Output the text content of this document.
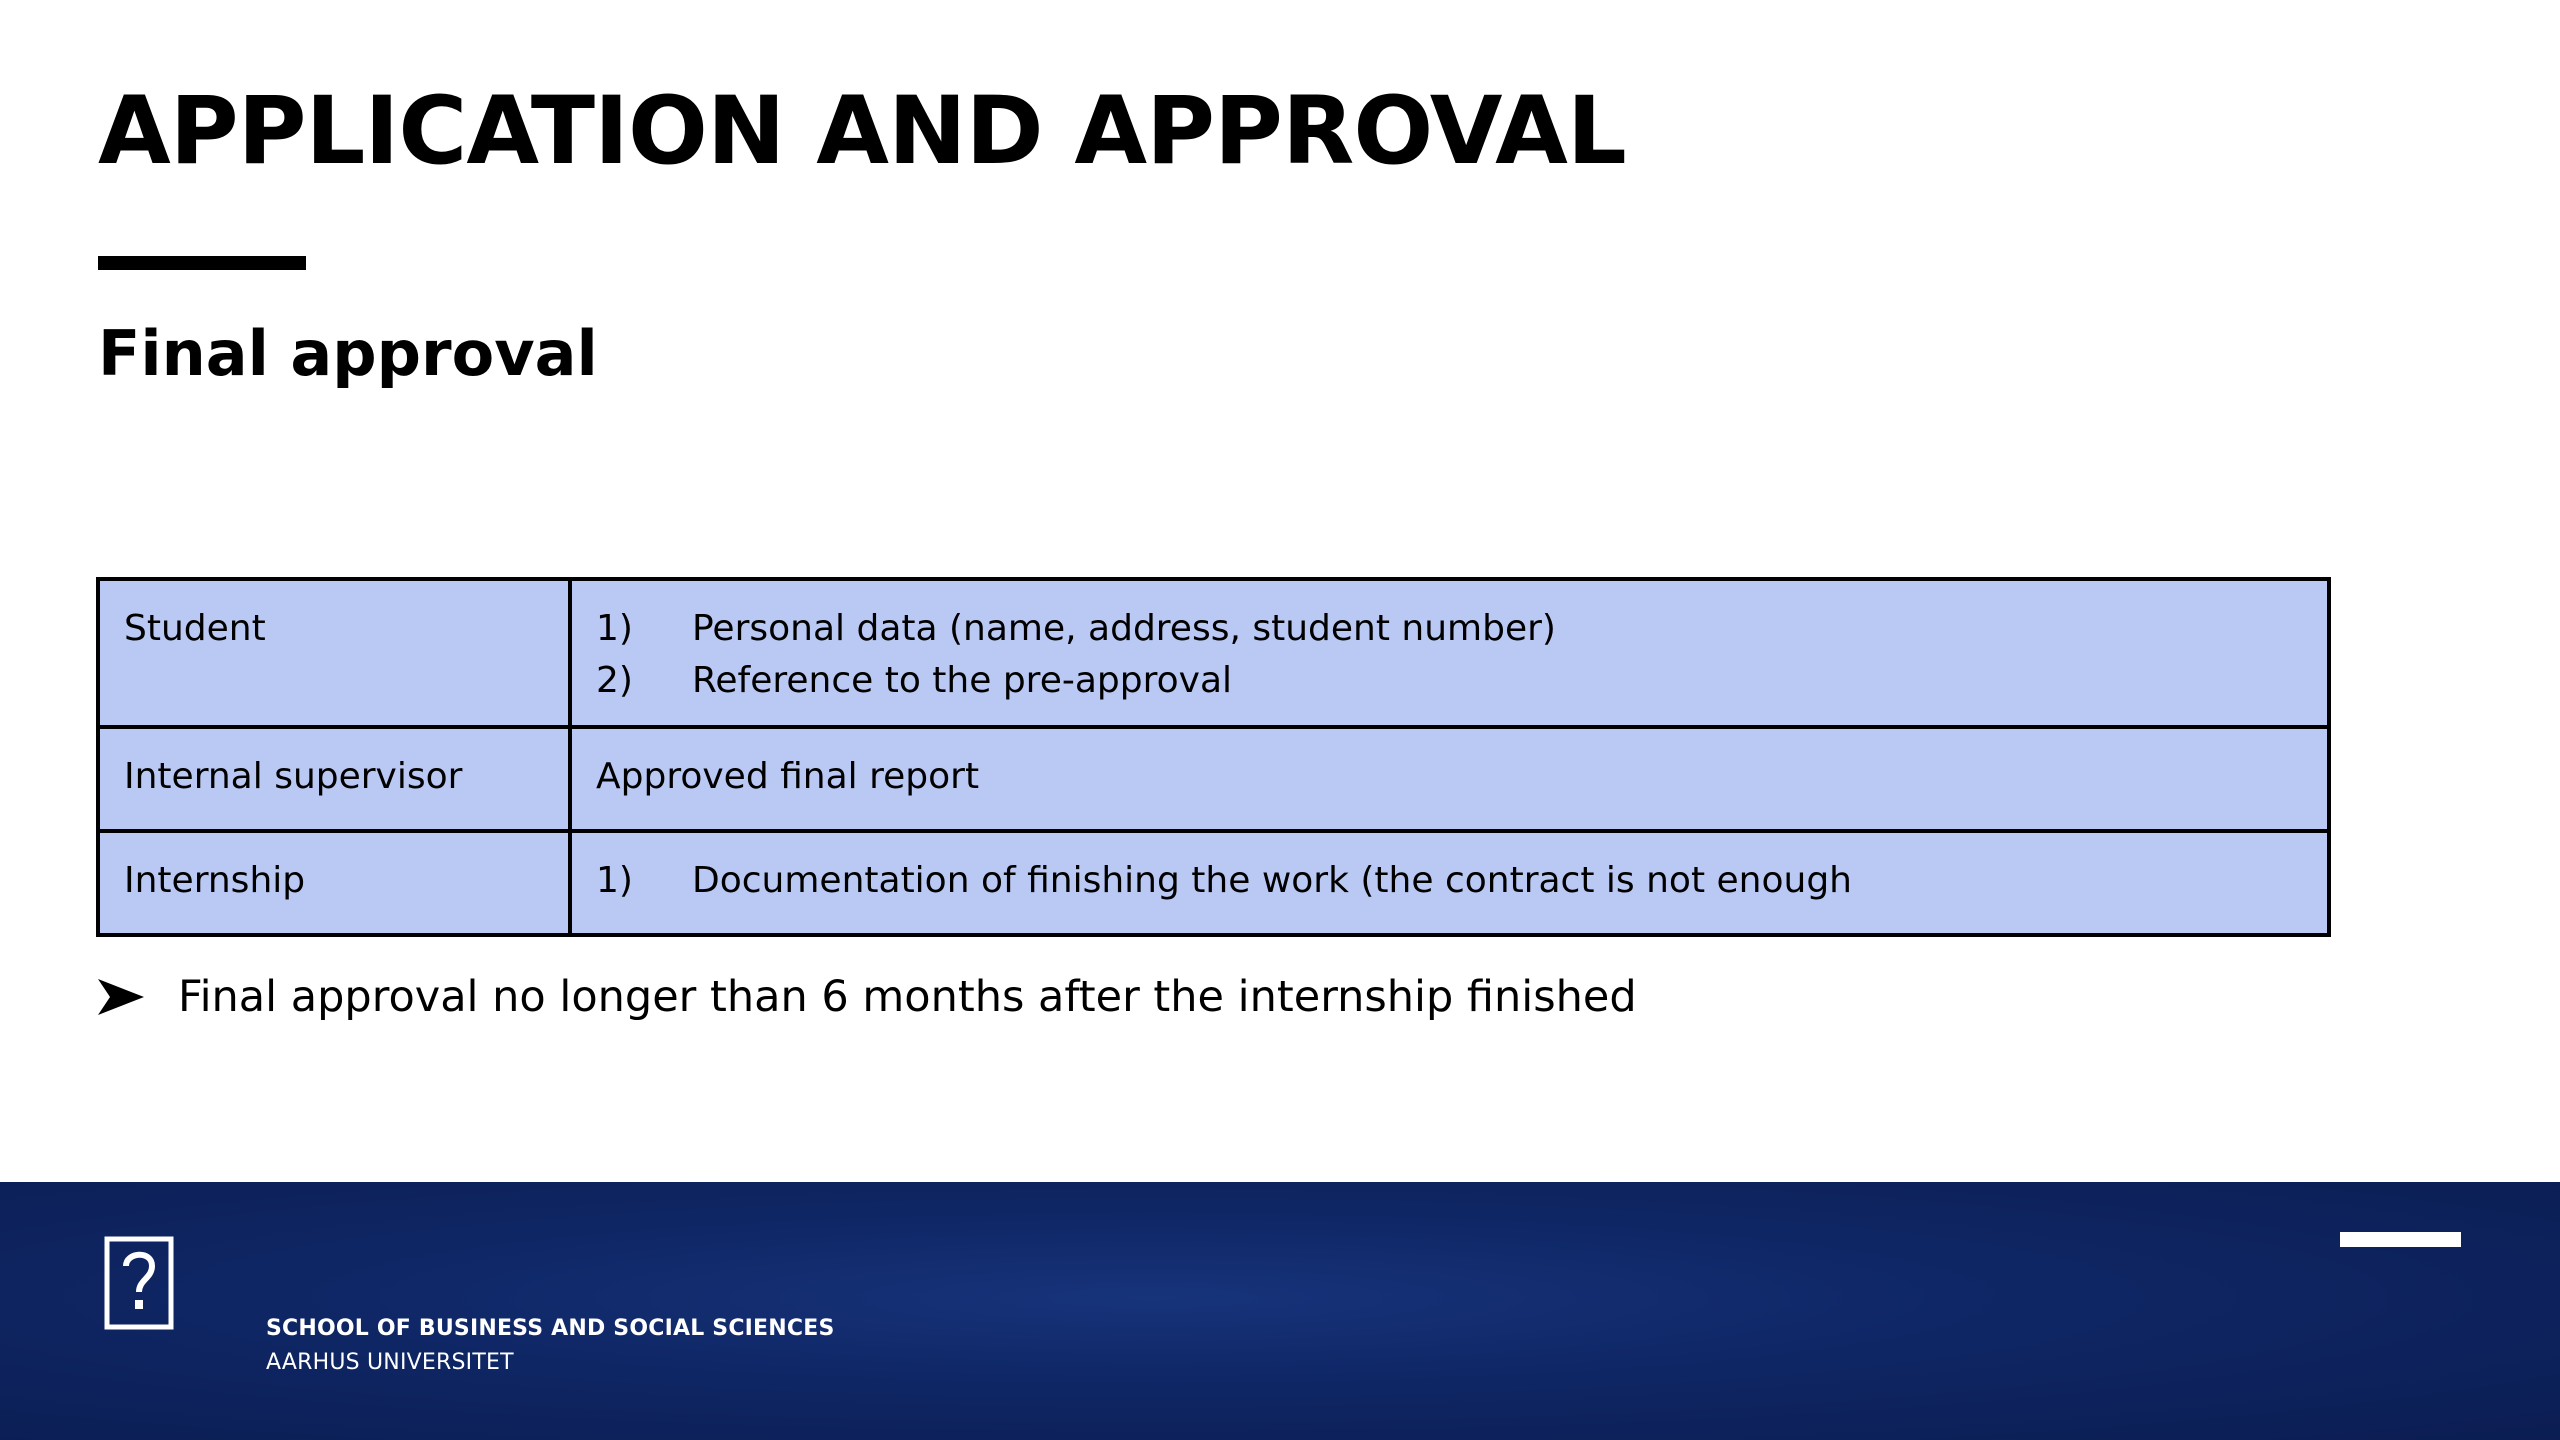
APPLICATION AND APPROVAL
Final approval
Student	1) Personal data (name, address, student number)
2) Reference to the pre-approval

Internal supervisor	Approved final report
Internship	1) Documentation of finishing the work (the contract is not enough
Final approval no longer than 6 months after the internship finished
SCHOOL OF BUSINESS AND SOCIAL SCIENCES
AARHUS UNIVERSITET
